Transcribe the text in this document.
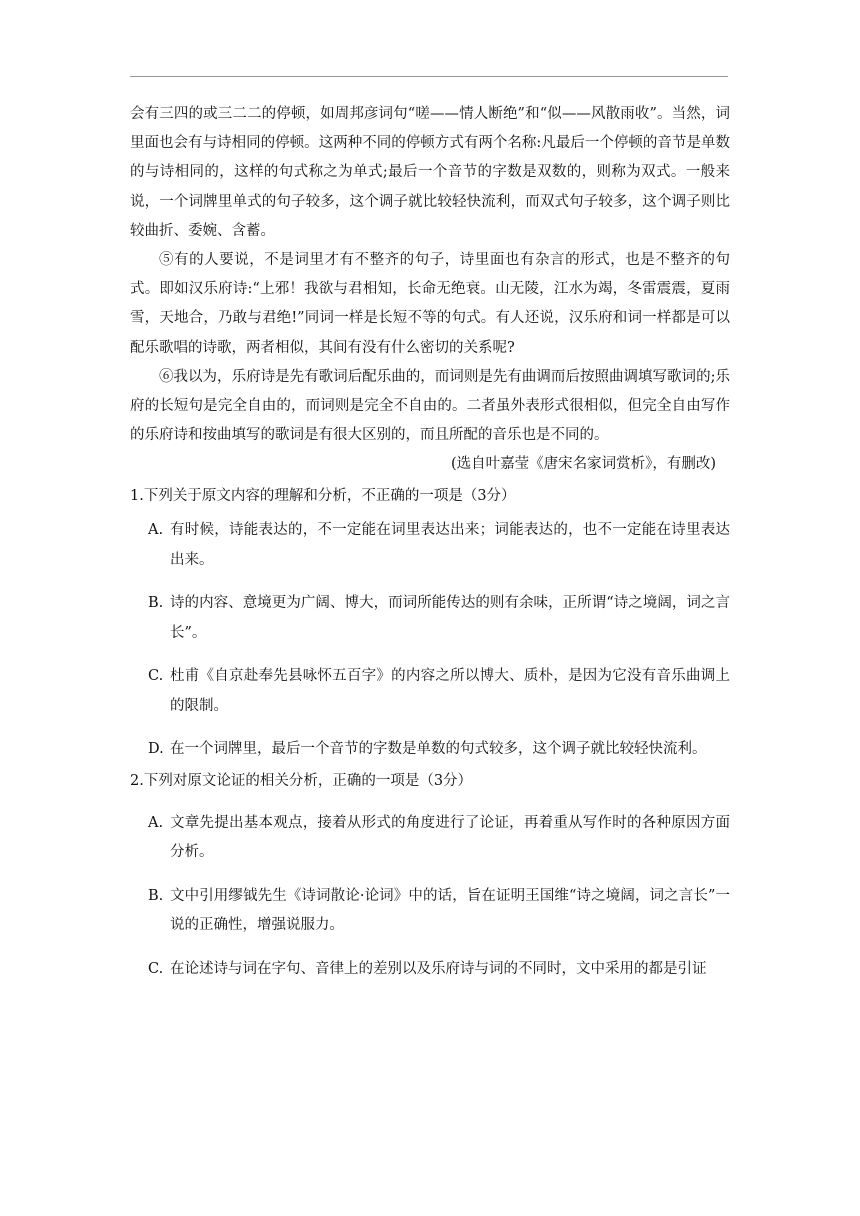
会有三四的或三二二的停顿，如周邦彦词句“嗟——情人断绝”和“似——风散雨收”。当然，词里面也会有与诗相同的停顿。这两种不同的停顿方式有两个名称:凡最后一个停顿的音节是单数的与诗相同的，这样的句式称之为单式;最后一个音节的字数是双数的，则称为双式。一般来说，一个词牌里单式的句子较多，这个调子就比较轻快流利，而双式句子较多，这个调子则比较曲折、委婉、含蓄。

⑤有的人要说，不是词里才有不整齐的句子，诗里面也有杂言的形式，也是不整齐的句式。即如汉乐府诗:“上邪！我欲与君相知，长命无绝衰。山无陵，江水为竭，冬雷震震，夏雨雪，天地合，乃敢与君绝!”同词一样是长短不等的句式。有人还说，汉乐府和词一样都是可以配乐歌唱的诗歌，两者相似，其间有没有什么密切的关系呢?

⑥我以为，乐府诗是先有歌词后配乐曲的，而词则是先有曲调而后按照曲调填写歌词的;乐府的长短句是完全自由的，而词则是完全不自由的。二者虽外表形式很相似，但完全自由写作的乐府诗和按曲填写的歌词是有很大区别的，而且所配的音乐也是不同的。

(选自叶嘉莹《唐宋名家词赏析》，有删改)

1.下列关于原文内容的理解和分析，不正确的一项是（3分）

A. 有时候，诗能表达的，不一定能在词里表达出来；词能表达的，也不一定能在诗里表达出来。
B. 诗的内容、意境更为广阔、博大，而词所能传达的则有余味，正所谓“诗之境阔，词之言长”。
C. 杜甫《自京赴奉先县咏怀五百字》的内容之所以博大、质朴，是因为它没有音乐曲调上的限制。
D. 在一个词牌里，最后一个音节的字数是单数的句式较多，这个调子就比较轻快流利。

2.下列对原文论证的相关分析，正确的一项是（3分）

A. 文章先提出基本观点，接着从形式的角度进行了论证，再着重从写作时的各种原因方面分析。
B. 文中引用缪钺先生《诗词散论·论词》中的话，旨在证明王国维“诗之境阔，词之言长”一说的正确性，增强说服力。
C. 在论述诗与词在字句、音律上的差别以及乐府诗与词的不同时，文中采用的都是引证
